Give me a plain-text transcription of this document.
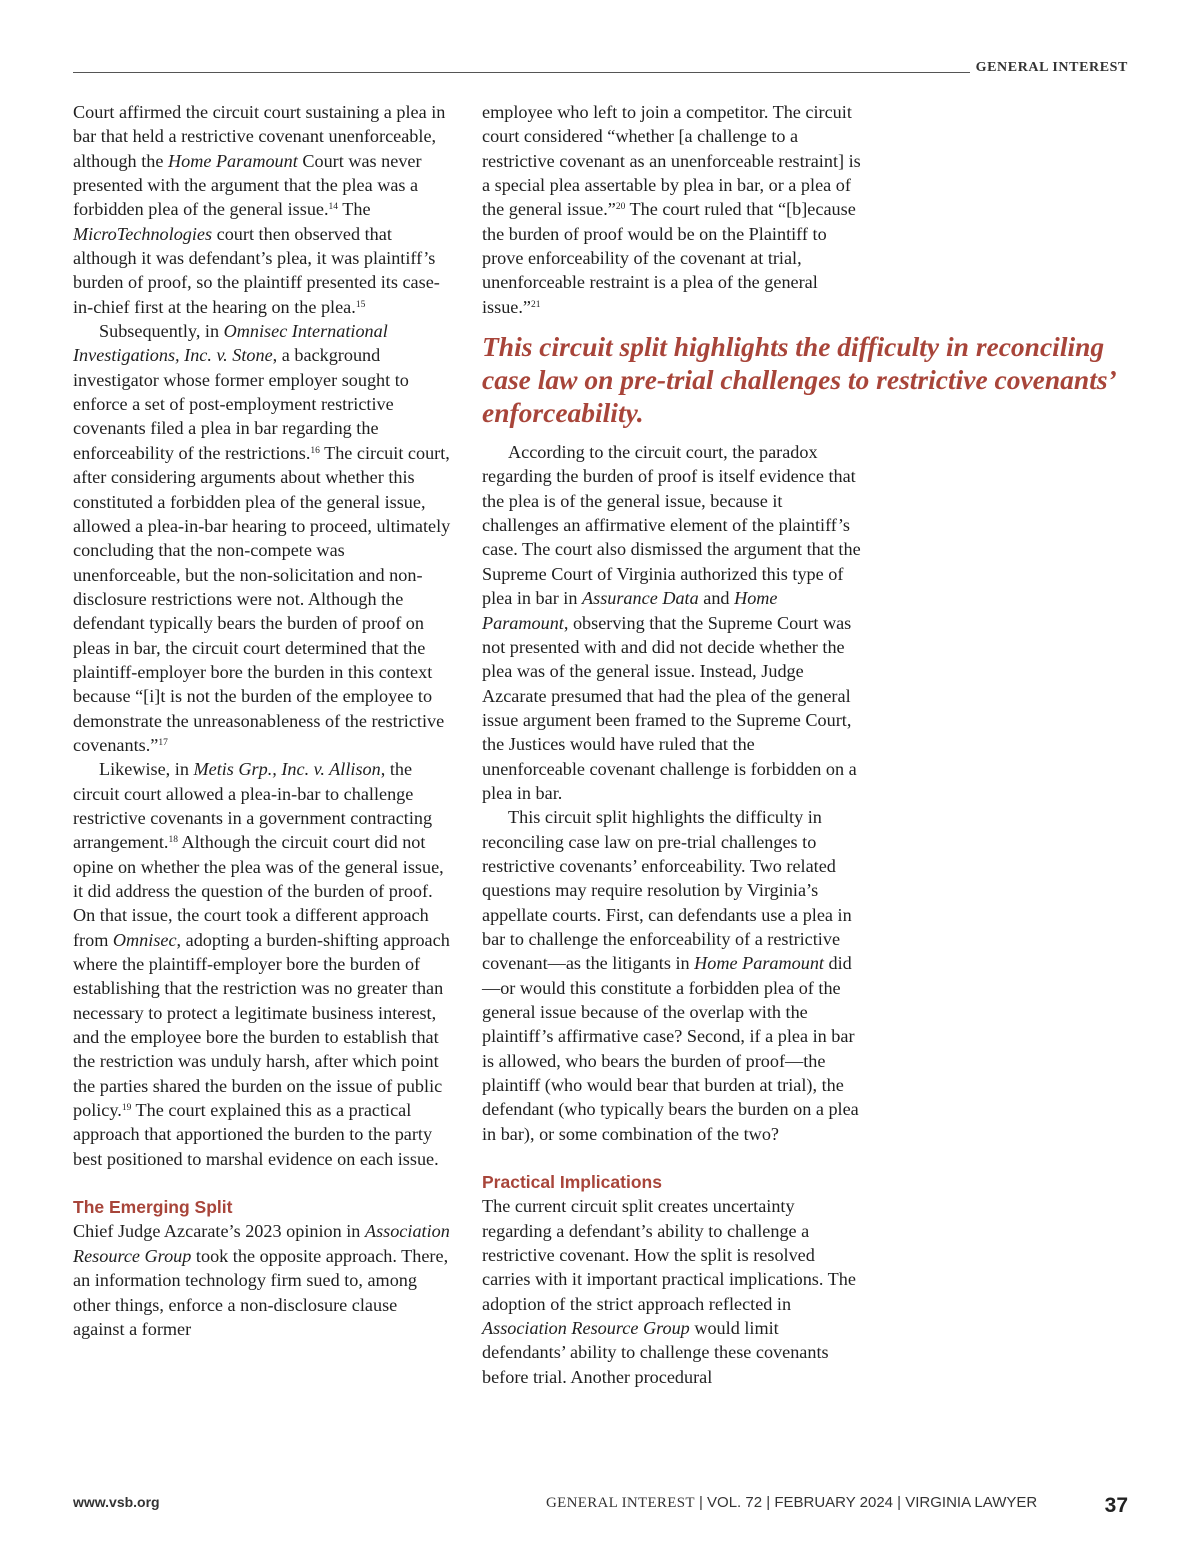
GENERAL INTEREST

Court affirmed the circuit court sustaining a plea in bar that held a restrictive covenant unenforceable, although the Home Paramount Court was never presented with the argument that the plea was a forbidden plea of the general issue.$^{14}$ The MicroTechnologies court then observed that although it was defendant’s plea, it was plaintiff’s burden of proof, so the plaintiff presented its case-in-chief first at the hearing on the plea.$^{15}$

Subsequently, in Omnisec International Investigations, Inc. v. Stone, a background investigator whose former employer sought to enforce a set of post-employment restrictive covenants filed a plea in bar regarding the enforceability of the restrictions.$^{16}$ The circuit court, after considering arguments about whether this constituted a forbidden plea of the general issue, allowed a plea-in-bar hearing to proceed, ultimately concluding that the non-compete was unenforceable, but the non-solicitation and non-disclosure restrictions were not. Although the defendant typically bears the burden of proof on pleas in bar, the circuit court determined that the plaintiff-employer bore the burden in this context because “[i]t is not the burden of the employee to demonstrate the unreasonableness of the restrictive covenants.”$^{17}$

Likewise, in Metis Grp., Inc. v. Allison, the circuit court allowed a plea-in-bar to challenge restrictive covenants in a government contracting arrangement.$^{18}$ Although the circuit court did not opine on whether the plea was of the general issue, it did address the question of the burden of proof. On that issue, the court took a different approach from Omnisec, adopting a burden-shifting approach where the plaintiff-employer bore the burden of establishing that the restriction was no greater than necessary to protect a legitimate business interest, and the employee bore the burden to establish that the restriction was unduly harsh, after which point the parties shared the burden on the issue of public policy.$^{19}$ The court explained this as a practical approach that apportioned the burden to the party best positioned to marshal evidence on each issue.

The Emerging Split

Chief Judge Azcarate’s 2023 opinion in Association Resource Group took the opposite approach. There, an information technology firm sued to, among other things, enforce a non-disclosure clause against a former

employee who left to join a competitor. The circuit court considered “whether [a challenge to a restrictive covenant as an unenforceable restraint] is a special plea assertable by plea in bar, or a plea of the general issue.”$^{20}$ The court ruled that “[b]ecause the burden of proof would be on the Plaintiff to prove enforceability of the covenant at trial, unenforceable restraint is a plea of the general issue.”$^{21}$

This circuit split highlights the difficulty in reconciling case law on pre-trial challenges to restrictive covenants’ enforceability.

According to the circuit court, the paradox regarding the burden of proof is itself evidence that the plea is of the general issue, because it challenges an affirmative element of the plaintiff’s case. The court also dismissed the argument that the Supreme Court of Virginia authorized this type of plea in bar in Assurance Data and Home Paramount, observing that the Supreme Court was not presented with and did not decide whether the plea was of the general issue. Instead, Judge Azcarate presumed that had the plea of the general issue argument been framed to the Supreme Court, the Justices would have ruled that the unenforceable covenant challenge is forbidden on a plea in bar.

This circuit split highlights the difficulty in reconciling case law on pre-trial challenges to restrictive covenants’ enforceability. Two related questions may require resolution by Virginia’s appellate courts. First, can defendants use a plea in bar to challenge the enforceability of a restrictive covenant—as the litigants in Home Paramount did—or would this constitute a forbidden plea of the general issue because of the overlap with the plaintiff’s affirmative case? Second, if a plea in bar is allowed, who bears the burden of proof—the plaintiff (who would bear that burden at trial), the defendant (who typically bears the burden on a plea in bar), or some combination of the two?

Practical Implications

The current circuit split creates uncertainty regarding a defendant’s ability to challenge a restrictive covenant. How the split is resolved carries with it important practical implications. The adoption of the strict approach reflected in Association Resource Group would limit defendants’ ability to challenge these covenants before trial. Another procedural

www.vsb.org	GENERAL INTEREST | VOL. 72 | FEBRUARY 2024 | VIRGINIA LAWYER	37
